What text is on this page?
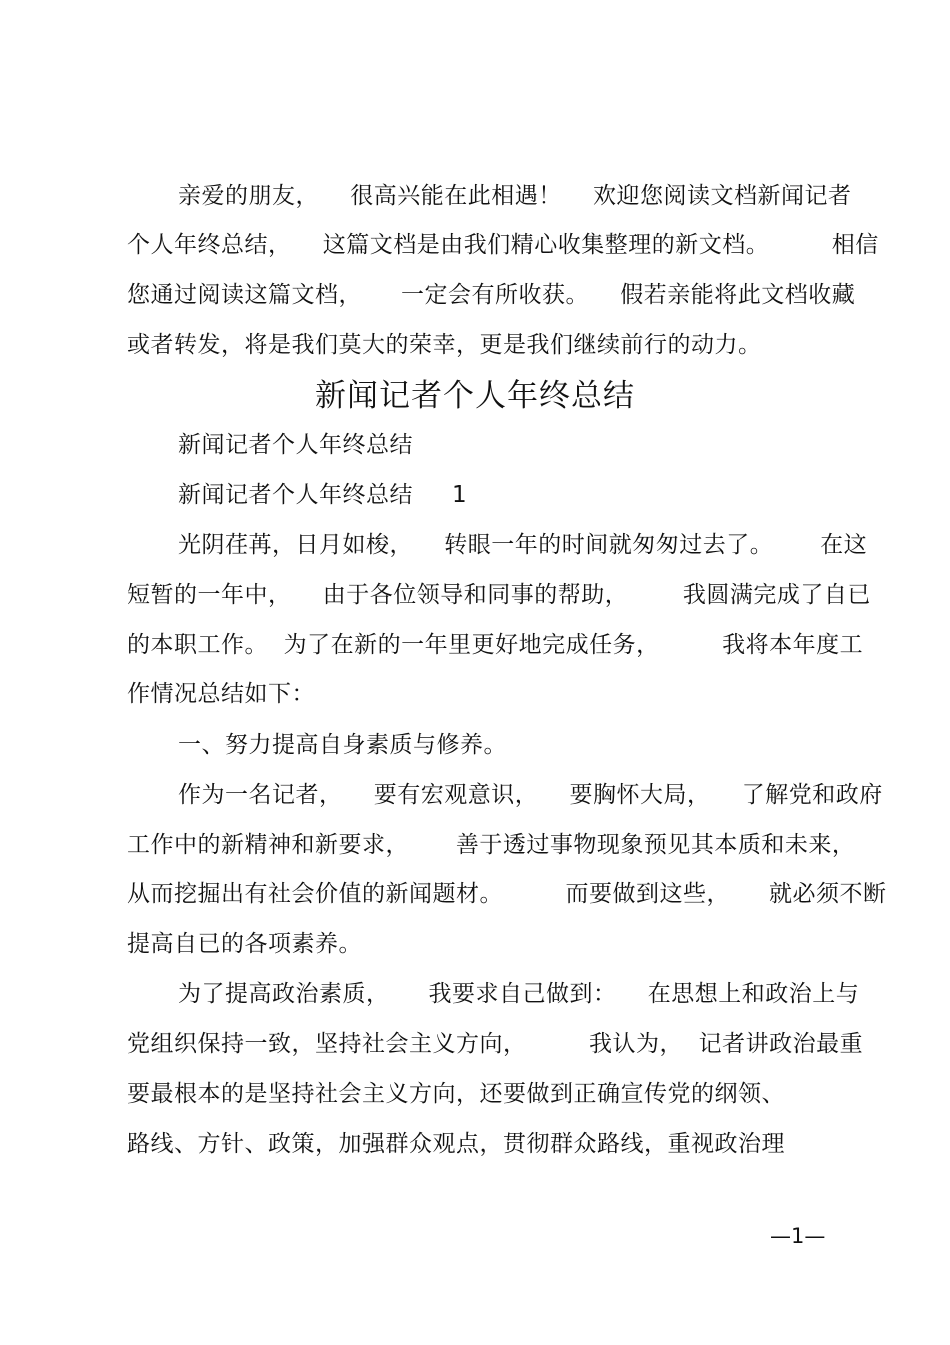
亲爱的朋友，    很高兴能在此相遇！    欢迎您阅读文档新闻记者
个人年终总结，    这篇文档是由我们精心收集整理的新文档。        相信
您通过阅读这篇文档，     一定会有所收获。    假若亲能将此文档收藏
或者转发，将是我们莫大的荣幸，更是我们继续前行的动力。
新闻记者个人年终总结
新闻记者个人年终总结
新闻记者个人年终总结     1
光阴荏苒，日月如梭，    转眼一年的时间就匆匆过去了。      在这
短暂的一年中，    由于各位领导和同事的帮助，       我圆满完成了自已
的本职工作。  为了在新的一年里更好地完成任务，        我将本年度工
作情况总结如下：
一、努力提高自身素质与修养。
作为一名记者，    要有宏观意识，    要胸怀大局，    了解党和政府
工作中的新精神和新要求，      善于透过事物现象预见其本质和未来，
从而挖掘出有社会价值的新闻题材。        而要做到这些，     就必须不断
提高自已的各项素养。
为了提高政治素质，     我要求自己做到：    在思想上和政治上与
党组织保持一致，坚持社会主义方向，        我认为，  记者讲政治最重
要最根本的是坚持社会主义方向，还要做到正确宣传党的纲领、
路线、方针、政策，加强群众观点，贯彻群众路线，重视政治理
—1—
